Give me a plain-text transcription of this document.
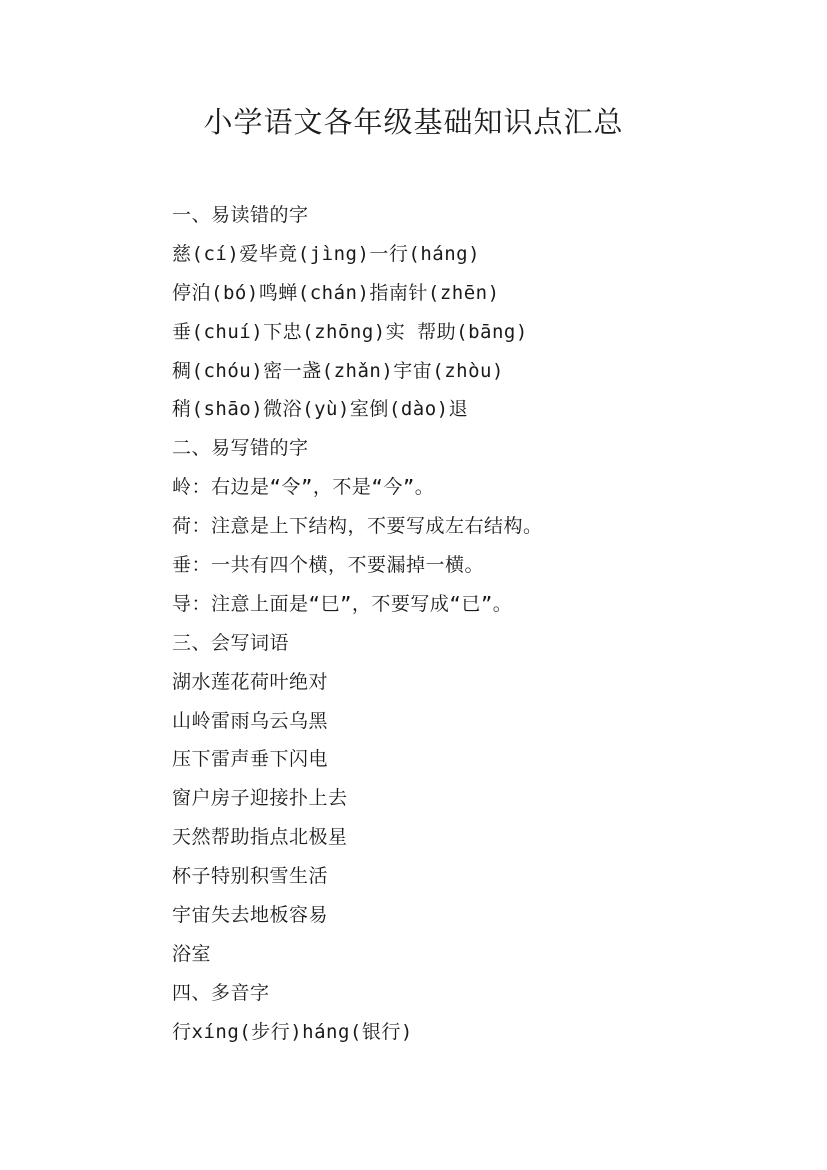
小学语文各年级基础知识点汇总
一、易读错的字
慈(cí)爱毕竟(jìng)一行(háng)
停泊(bó)鸣蝉(chán)指南针(zhēn)
垂(chuí)下忠(zhōng)实 帮助(bāng)
稠(chóu)密一盏(zhǎn)宇宙(zhòu)
稍(shāo)微浴(yù)室倒(dào)退
二、易写错的字
岭：右边是“令”，不是“今”。
荷：注意是上下结构，不要写成左右结构。
垂：一共有四个横，不要漏掉一横。
导：注意上面是“巳”，不要写成“已”。
三、会写词语
湖水莲花荷叶绝对
山岭雷雨乌云乌黑
压下雷声垂下闪电
窗户房子迎接扑上去
天然帮助指点北极星
杯子特别积雪生活
宇宙失去地板容易
浴室
四、多音字
行xíng(步行)háng(银行)
